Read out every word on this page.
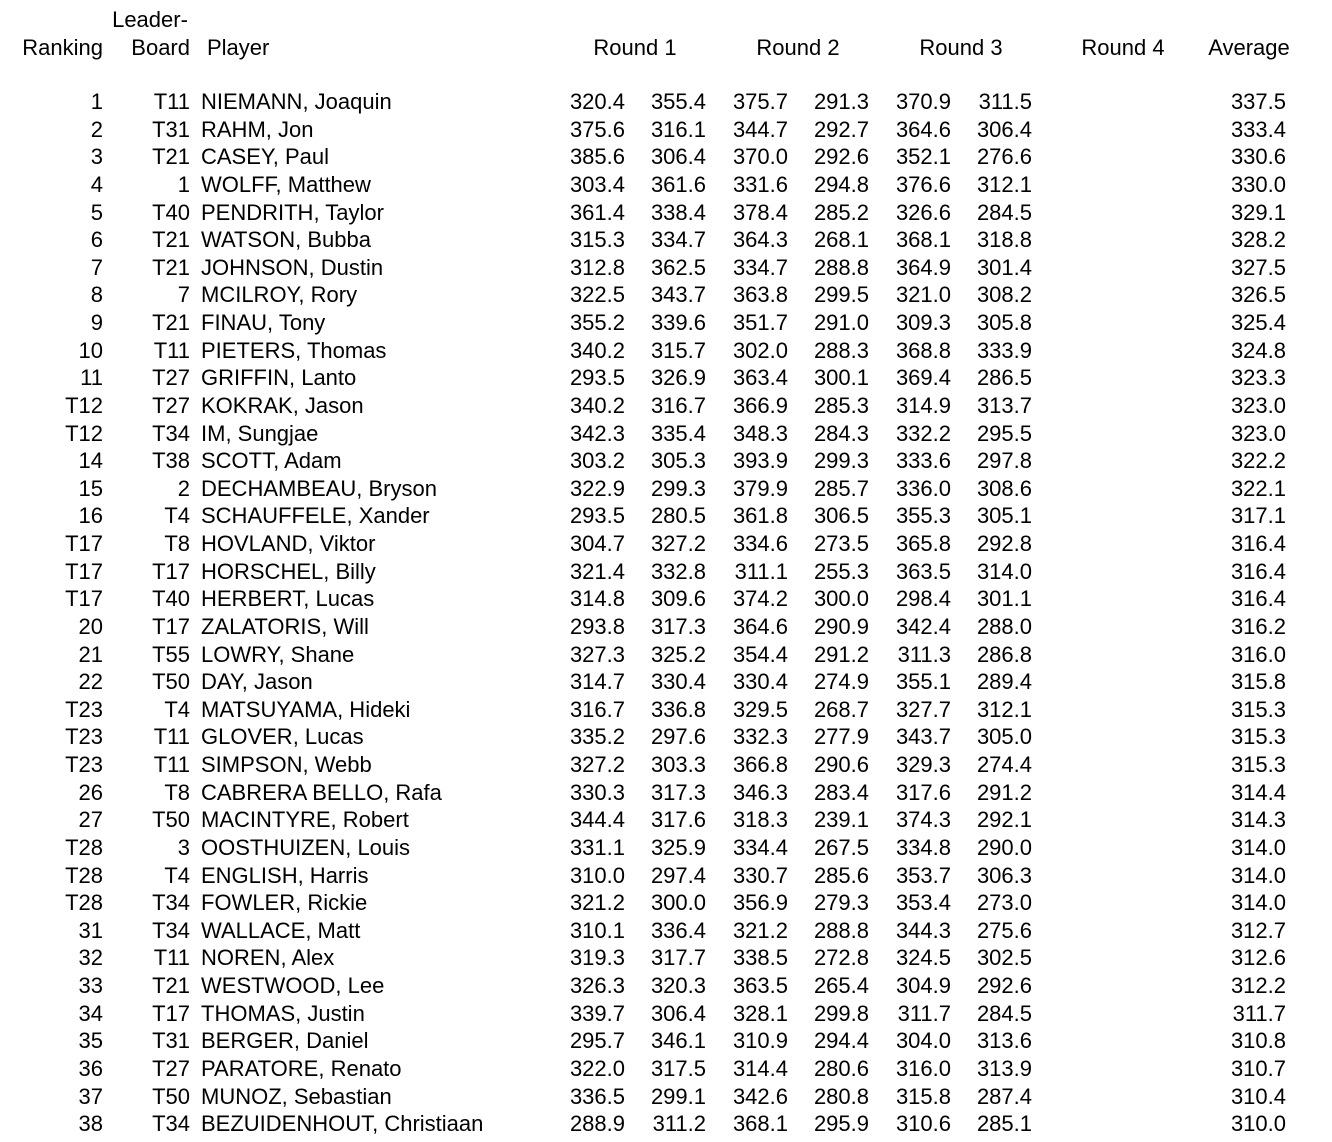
Ranking
Leader-
Board Player	Round 1	Round 2	Round 3	Round 4	Average
1	T11 NIEMANN, Joaquin	320.4	355.4	375.7	291.3	370.9	311.5	337.5
2	T31 RAHM, Jon	375.6	316.1	344.7	292.7	364.6	306.4	333.4
3	T21 CASEY, Paul	385.6	306.4	370.0	292.6	352.1	276.6	330.6
4	1 WOLFF, Matthew	303.4	361.6	331.6	294.8	376.6	312.1	330.0
5	T40 PENDRITH, Taylor	361.4	338.4	378.4	285.2	326.6	284.5	329.1
6	T21 WATSON, Bubba	315.3	334.7	364.3	268.1	368.1	318.8	328.2
7	T21 JOHNSON, Dustin	312.8	362.5	334.7	288.8	364.9	301.4	327.5
8	7 MCILROY, Rory	322.5	343.7	363.8	299.5	321.0	308.2	326.5
9	T21 FINAU, Tony	355.2	339.6	351.7	291.0	309.3	305.8	325.4
10	T11 PIETERS, Thomas	340.2	315.7	302.0	288.3	368.8	333.9	324.8
11	T27 GRIFFIN, Lanto	293.5	326.9	363.4	300.1	369.4	286.5	323.3
T12	T27 KOKRAK, Jason	340.2	316.7	366.9	285.3	314.9	313.7	323.0
T12	T34 IM, Sungjae	342.3	335.4	348.3	284.3	332.2	295.5	323.0
14	T38 SCOTT, Adam	303.2	305.3	393.9	299.3	333.6	297.8	322.2
15	2 DECHAMBEAU, Bryson	322.9	299.3	379.9	285.7	336.0	308.6	322.1
16	T4 SCHAUFFELE, Xander	293.5	280.5	361.8	306.5	355.3	305.1	317.1
T17	T8 HOVLAND, Viktor	304.7	327.2	334.6	273.5	365.8	292.8	316.4
T17	T17 HORSCHEL, Billy	321.4	332.8	311.1	255.3	363.5	314.0	316.4
T17	T40 HERBERT, Lucas	314.8	309.6	374.2	300.0	298.4	301.1	316.4
20	T17 ZALATORIS, Will	293.8	317.3	364.6	290.9	342.4	288.0	316.2
21	T55 LOWRY, Shane	327.3	325.2	354.4	291.2	311.3	286.8	316.0
22	T50 DAY, Jason	314.7	330.4	330.4	274.9	355.1	289.4	315.8
T23	T4 MATSUYAMA, Hideki	316.7	336.8	329.5	268.7	327.7	312.1	315.3
T23	T11 GLOVER, Lucas	335.2	297.6	332.3	277.9	343.7	305.0	315.3
T23	T11 SIMPSON, Webb	327.2	303.3	366.8	290.6	329.3	274.4	315.3
26	T8 CABRERA BELLO, Rafa	330.3	317.3	346.3	283.4	317.6	291.2	314.4
27	T50 MACINTYRE, Robert	344.4	317.6	318.3	239.1	374.3	292.1	314.3
T28	3 OOSTHUIZEN, Louis	331.1	325.9	334.4	267.5	334.8	290.0	314.0
T28	T4 ENGLISH, Harris	310.0	297.4	330.7	285.6	353.7	306.3	314.0
T28	T34 FOWLER, Rickie	321.2	300.0	356.9	279.3	353.4	273.0	314.0
31	T34 WALLACE, Matt	310.1	336.4	321.2	288.8	344.3	275.6	312.7
32	T11 NOREN, Alex	319.3	317.7	338.5	272.8	324.5	302.5	312.6
33	T21 WESTWOOD, Lee	326.3	320.3	363.5	265.4	304.9	292.6	312.2
34	T17 THOMAS, Justin	339.7	306.4	328.1	299.8	311.7	284.5	311.7
35	T31 BERGER, Daniel	295.7	346.1	310.9	294.4	304.0	313.6	310.8
36	T27 PARATORE, Renato	322.0	317.5	314.4	280.6	316.0	313.9	310.7
37	T50 MUNOZ, Sebastian	336.5	299.1	342.6	280.8	315.8	287.4	310.4
38	T34 BEZUIDENHOUT, Christiaan	288.9	311.2	368.1	295.9	310.6	285.1	310.0
